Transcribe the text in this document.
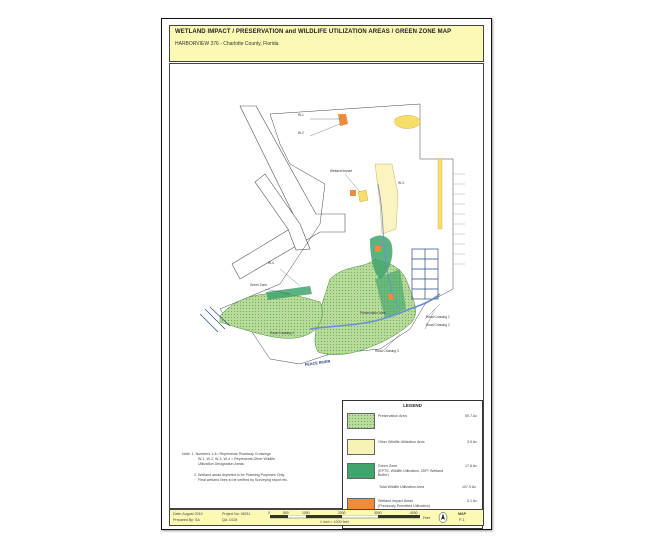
WETLAND IMPACT / PRESERVATION and WILDLIFE UTILIZATION AREAS / GREEN ZONE MAP
HARBORVIEW 376 - Charlotte County, Florida
W-1
W-2
W-3
W-4
Wetland Impact
Preservation Area
Green Zone
Road Crossing 1
Road Crossing 2
Road Crossing 3
Road Crossing 4
PEACE RIVER
Note: 1. Numbers 1-4= Represents Roadway Crossings
W-1, W-2, W-3, W-4 = Represents Other Wildlife
Utilization Designation Areas
2. Wetland areas depicted to be Planning Purposes Only.
Final wetland lines to be verified by Surveying report etc.
LEGEND
Preservation Area	59.7 Ac
Other Wildlife Utilization Area	3.9 Ac
Green Zone
(EPTS, Wildlife Utilization, 25FT Wetland Buffer)
17.8 Ac
Total Wildlife Utilization Area	107.9 Ac
Wetland Impact Areas
(Previously Permitted Utilization)
3.1 Ac
Date: August 2010	Project No: 06211
Prepared By: SA	QA: DCM
0	500	1000	2000	3000	4000
Feet
1 inch = 1000 feet
MAP
P-1
